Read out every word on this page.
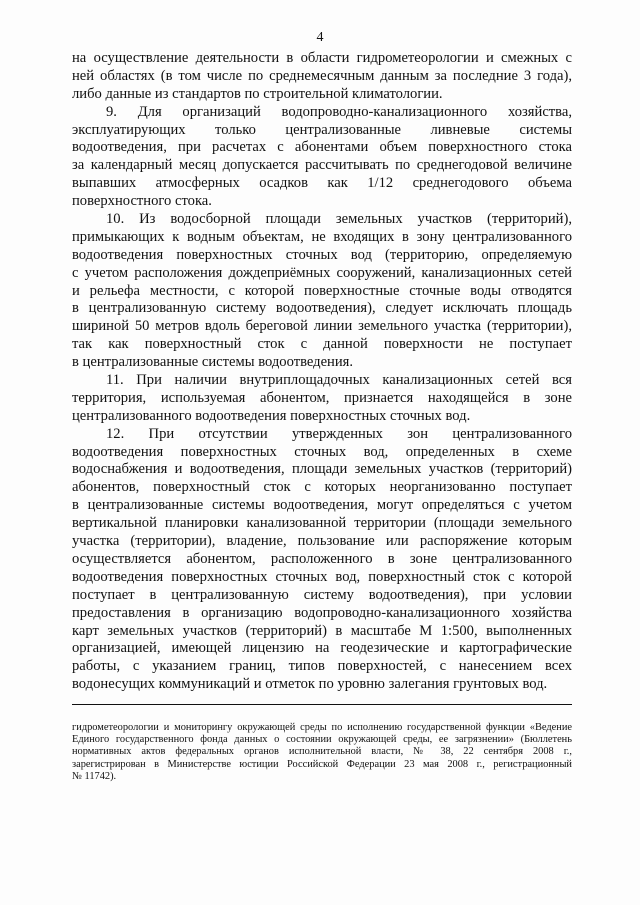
4
на осуществление деятельности в области гидрометеорологии и смежных с
ней областях (в том числе по среднемесячным данным за последние 3 года),
либо данные из стандартов по строительной климатологии.
9. Для организаций водопроводно-канализационного хозяйства,
эксплуатирующих только централизованные ливневые системы
водоотведения, при расчетах с абонентами объем поверхностного стока
за календарный месяц допускается рассчитывать по среднегодовой величине
выпавших атмосферных осадков как 1/12 среднегодового объема
поверхностного стока.
10. Из водосборной площади земельных участков (территорий),
примыкающих к водным объектам, не входящих в зону централизованного
водоотведения поверхностных сточных вод (территорию, определяемую
с учетом расположения дождеприёмных сооружений, канализационных сетей
и рельефа местности, с которой поверхностные сточные воды отводятся
в централизованную систему водоотведения), следует исключать площадь
шириной 50 метров вдоль береговой линии земельного участка (территории),
так как поверхностный сток с данной поверхности не поступает
в централизованные системы водоотведения.
11. При наличии внутриплощадочных канализационных сетей вся
территория, используемая абонентом, признается находящейся в зоне
централизованного водоотведения поверхностных сточных вод.
12. При отсутствии утвержденных зон централизованного
водоотведения поверхностных сточных вод, определенных в схеме
водоснабжения и водоотведения, площади земельных участков (территорий)
абонентов, поверхностный сток с которых неорганизованно поступает
в централизованные системы водоотведения, могут определяться с учетом
вертикальной планировки канализованной территории (площади земельного
участка (территории), владение, пользование или распоряжение которым
осуществляется абонентом, расположенного в зоне централизованного
водоотведения поверхностных сточных вод, поверхностный сток с которой
поступает в централизованную систему водоотведения), при условии
предоставления в организацию водопроводно-канализационного хозяйства
карт земельных участков (территорий) в масштабе М 1:500, выполненных
организацией, имеющей лицензию на геодезические и картографические
работы, с указанием границ, типов поверхностей, с нанесением всех
водонесущих коммуникаций и отметок по уровню залегания грунтовых вод.
гидрометеорологии и мониторингу окружающей среды по исполнению государственной функции «Ведение
Единого государственного фонда данных о состоянии окружающей среды, ее загрязнении» (Бюллетень
нормативных актов федеральных органов исполнительной власти, № 38, 22 сентября 2008 г.,
зарегистрирован в Министерстве юстиции Российской Федерации 23 мая 2008 г., регистрационный
№ 11742).
